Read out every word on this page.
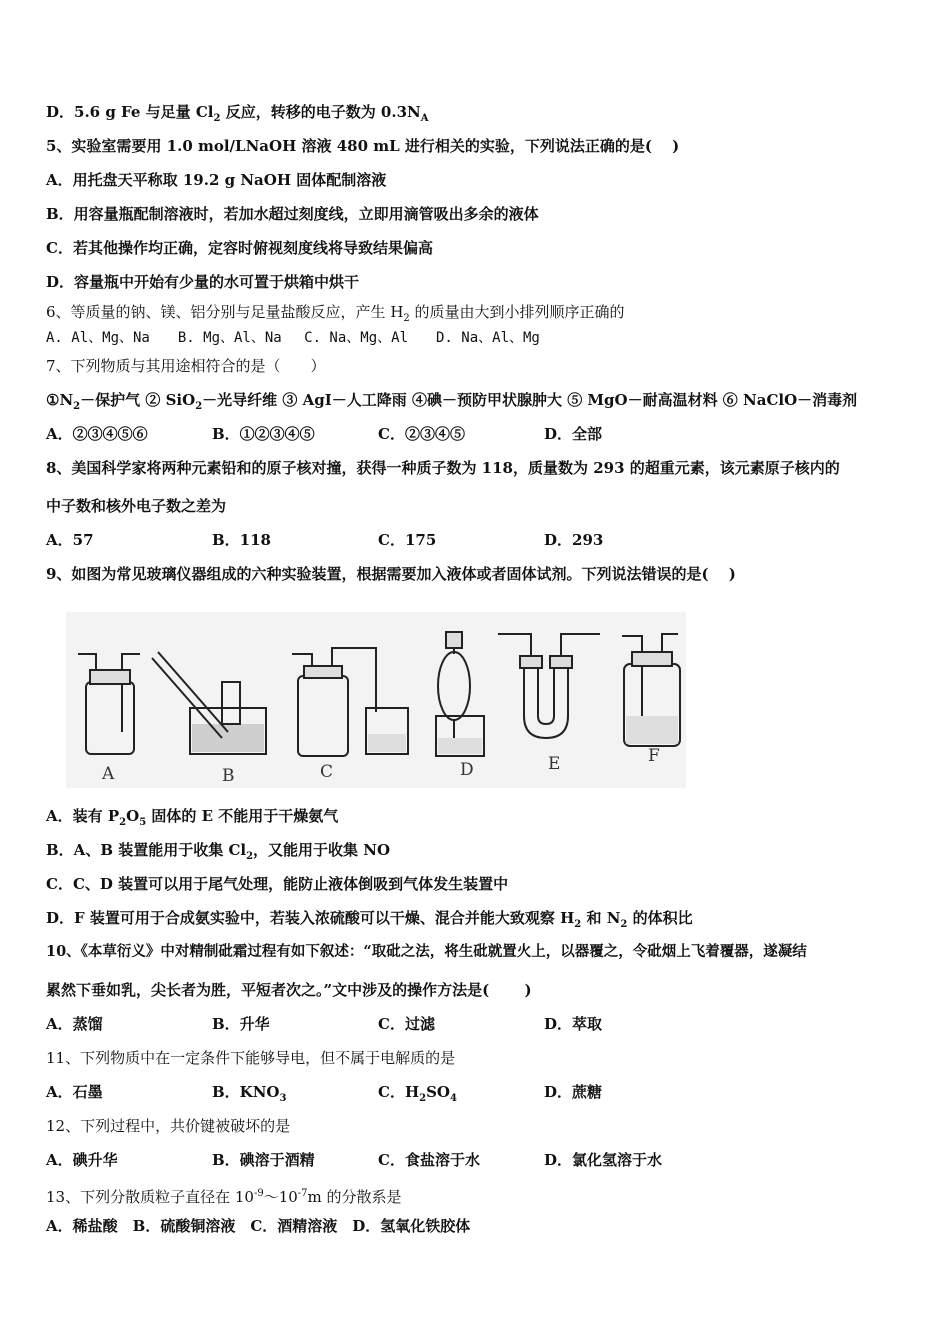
D．5.6 g Fe 与足量 $Cl_2$ 反应，转移的电子数为 $0.3N_A$
5、实验室需要用 1.0 mol/LNaOH 溶液 480 mL 进行相关的实验，下列说法正确的是(　 )
A．用托盘天平称取 19.2 g NaOH 固体配制溶液
B．用容量瓶配制溶液时，若加水超过刻度线，立即用滴管吸出多余的液体
C．若其他操作均正确，定容时俯视刻度线将导致结果偏高
D．容量瓶中开始有少量的水可置于烘箱中烘干
6、等质量的钠、镁、铝分别与足量盐酸反应，产生 $H_2$ 的质量由大到小排列顺序正确的
A. Al、Mg、Na　　B. Mg、Al、Na　 C. Na、Mg、Al　　D. Na、Al、Mg
7、下列物质与其用途相符合的是（　　）
$①N_2-$保护气 ② SiO$_2$－光导纤维 ③ AgI－人工降雨 ④碘－预防甲状腺肿大 ⑤ MgO－耐高温材料 ⑥ NaClO－消毒剂
A．②③④⑤⑥	B．①②③④⑤	C．②③④⑤	D．全部
8、美国科学家将两种元素铅和的原子核对撞，获得一种质子数为 118，质量数为 293 的超重元素，该元素原子核内的
中子数和核外电子数之差为
A．57	B．118	C．175	D．293
9、如图为常见玻璃仪器组成的六种实验装置，根据需要加入液体或者固体试剂。下列说法错误的是(　 )
A	B	C	D	E	F
A．装有 $P_2O_5$ 固体的 E 不能用于干燥氨气
B．A、B 装置能用于收集 $Cl_2$，又能用于收集 NO
C．C、D 装置可以用于尾气处理，能防止液体倒吸到气体发生装置中
D．F 装置可用于合成氨实验中，若装入浓硫酸可以干燥、混合并能大致观察 $H_2$ 和 $N_2$ 的体积比
10、《本草衍义》中对精制砒霜过程有如下叙述：“取砒之法，将生砒就置火上，以器覆之，令砒烟上飞着覆器，遂凝结
累然下垂如乳，尖长者为胜，平短者次之。”文中涉及的操作方法是(　　 )
A．蒸馏	B．升华	C．过滤	D．萃取
11、下列物质中在一定条件下能够导电，但不属于电解质的是
A．石墨	B．$KNO_3$	C．$H_2SO_4$	D．蔗糖
12、下列过程中，共价键被破坏的是
A．碘升华	B．碘溶于酒精	C．食盐溶于水	D．氯化氢溶于水
13、下列分散质粒子直径在 $10^{-9}\sim 10^{-7}m$ 的分散系是
A．稀盐酸　B．硫酸铜溶液　C．酒精溶液　D．氢氧化铁胶体
